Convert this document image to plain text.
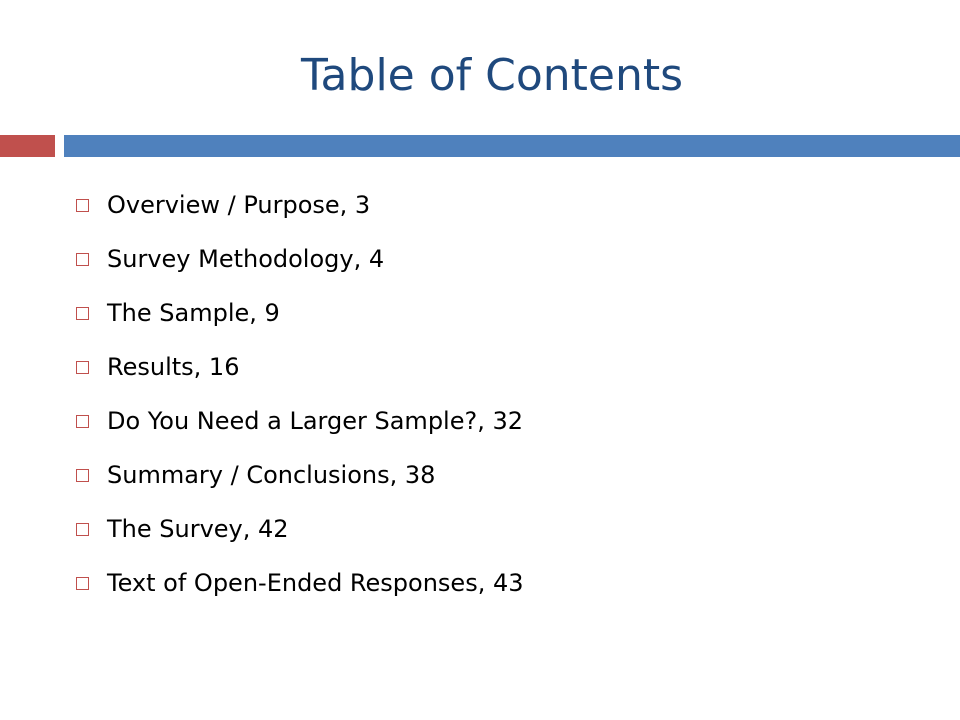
Table of Contents
Overview / Purpose, 3
Survey Methodology, 4
The Sample, 9
Results, 16
Do You Need a Larger Sample?, 32
Summary / Conclusions, 38
The Survey, 42
Text of Open-Ended Responses, 43
